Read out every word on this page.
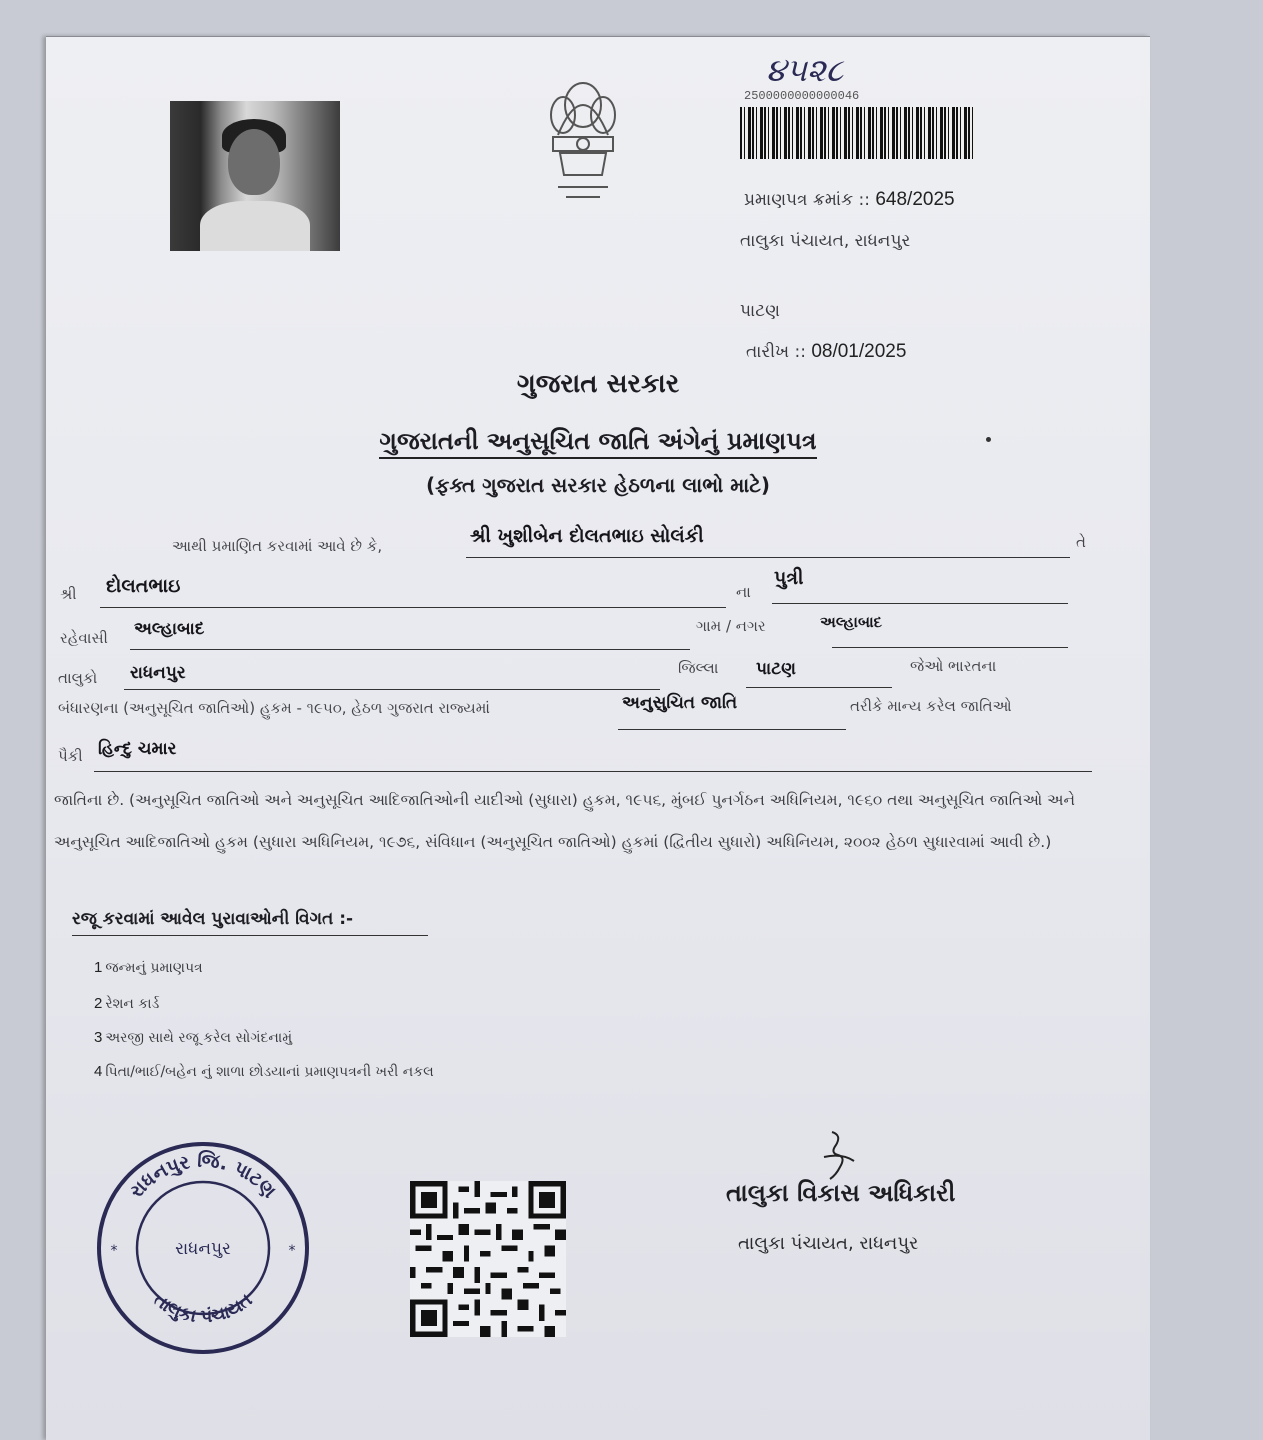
૪૫૨૮
2500000000000046
પ્રમાણપત્ર ક્રમાંક :: 648/2025
તાલુકા પંચાયત, રાધનપુર
પાટણ
તારીખ :: 08/01/2025
ગુજરાત સરકાર
ગુજરાતની અનુસૂચિત જાતિ અંગેનું પ્રમાણપત્ર
(ફક્ત ગુજરાત સરકાર હેઠળના લાભો માટે)
આથી પ્રમાણિત કરવામાં આવે છે કે,	શ્રી ખુશીબેન દોલતભાઇ સોલંકી	તે
શ્રી દોલતભાઇ	ના
પુત્રી
રહેવાસી અલ્હાબાદ	ગામ / નગર	અલ્હાબાદ
તાલુકો રાધનપુર	જિલ્લા પાટણ	જેઓ ભારતના
બંધારણના (અનુસૂચિત જાતિઓ) હુકમ - ૧૯૫૦, હેઠળ ગુજરાત રાજ્યમાં	અનુસુચિત જાતિ	તરીકે માન્ય કરેલ જાતિઓ
પૈકી હિન્દુ ચમાર
જાતિના છે. (અનુસૂચિત જાતિઓ અને અનુસૂચિત આદિજાતિઓની યાદીઓ (સુધારા) હુકમ, ૧૯૫૬, મુંબઈ પુનર્ગઠન અધિનિયમ, ૧૯૬૦ તથા અનુસૂચિત જાતિઓ અને અનુસૂચિત આદિજાતિઓ હુકમ (સુધારા અધિનિયમ, ૧૯૭૬, સંવિધાન (અનુસૂચિત જાતિઓ) હુકમાં (દ્વિતીય સુધારો) અધિનિયમ, ૨૦૦૨ હેઠળ સુધારવામાં આવી છે.)
રજૂ કરવામાં આવેલ પુરાવાઓની વિગત :-
1 જન્મનું પ્રમાણપત્ર
2 રેશન કાર્ડ
3 અરજી સાથે રજૂ કરેલ સોગંદનામું
4 પિતા/ભાઈ/બહેન નું શાળા છોડયાનાં પ્રમાણપત્રની ખરી નકલ
રાધનપુર જિ. પાટણ
તાલુકા પંચાયત
રાધનપુર	*
*
તાલુકા વિકાસ અધિકારી
તાલુકા પંચાયત, રાધનપુર
